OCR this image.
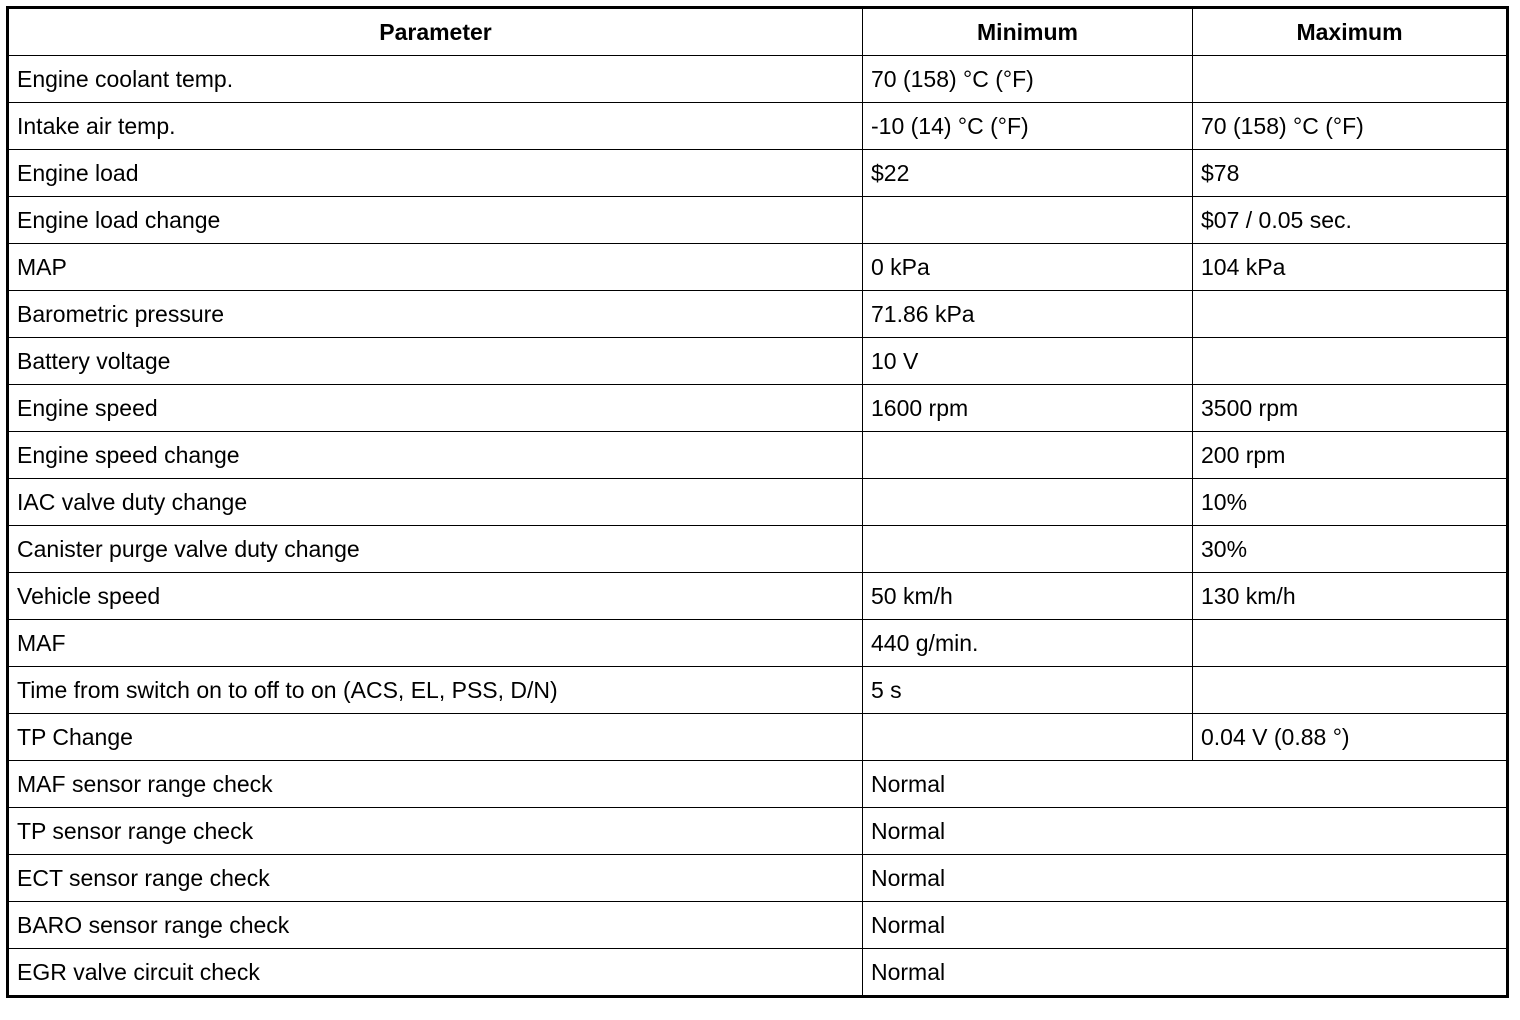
Parameter	Minimum	Maximum
Engine coolant temp.	70 (158) °C (°F)	
Intake air temp.	-10 (14) °C (°F)	70 (158) °C (°F)
Engine load	$22	$78
Engine load change		$07 / 0.05 sec.
MAP	0 kPa	104 kPa
Barometric pressure	71.86 kPa	
Battery voltage	10 V	
Engine speed	1600 rpm	3500 rpm
Engine speed change		200 rpm
IAC valve duty change		10%
Canister purge valve duty change		30%
Vehicle speed	50 km/h	130 km/h
MAF	440 g/min.	
Time from switch on to off to on (ACS, EL, PSS, D/N)	5 s	
TP Change		0.04 V (0.88 °)
MAF sensor range check	Normal	
TP sensor range check	Normal	
ECT sensor range check	Normal	
BARO sensor range check	Normal	
EGR valve circuit check	Normal	
